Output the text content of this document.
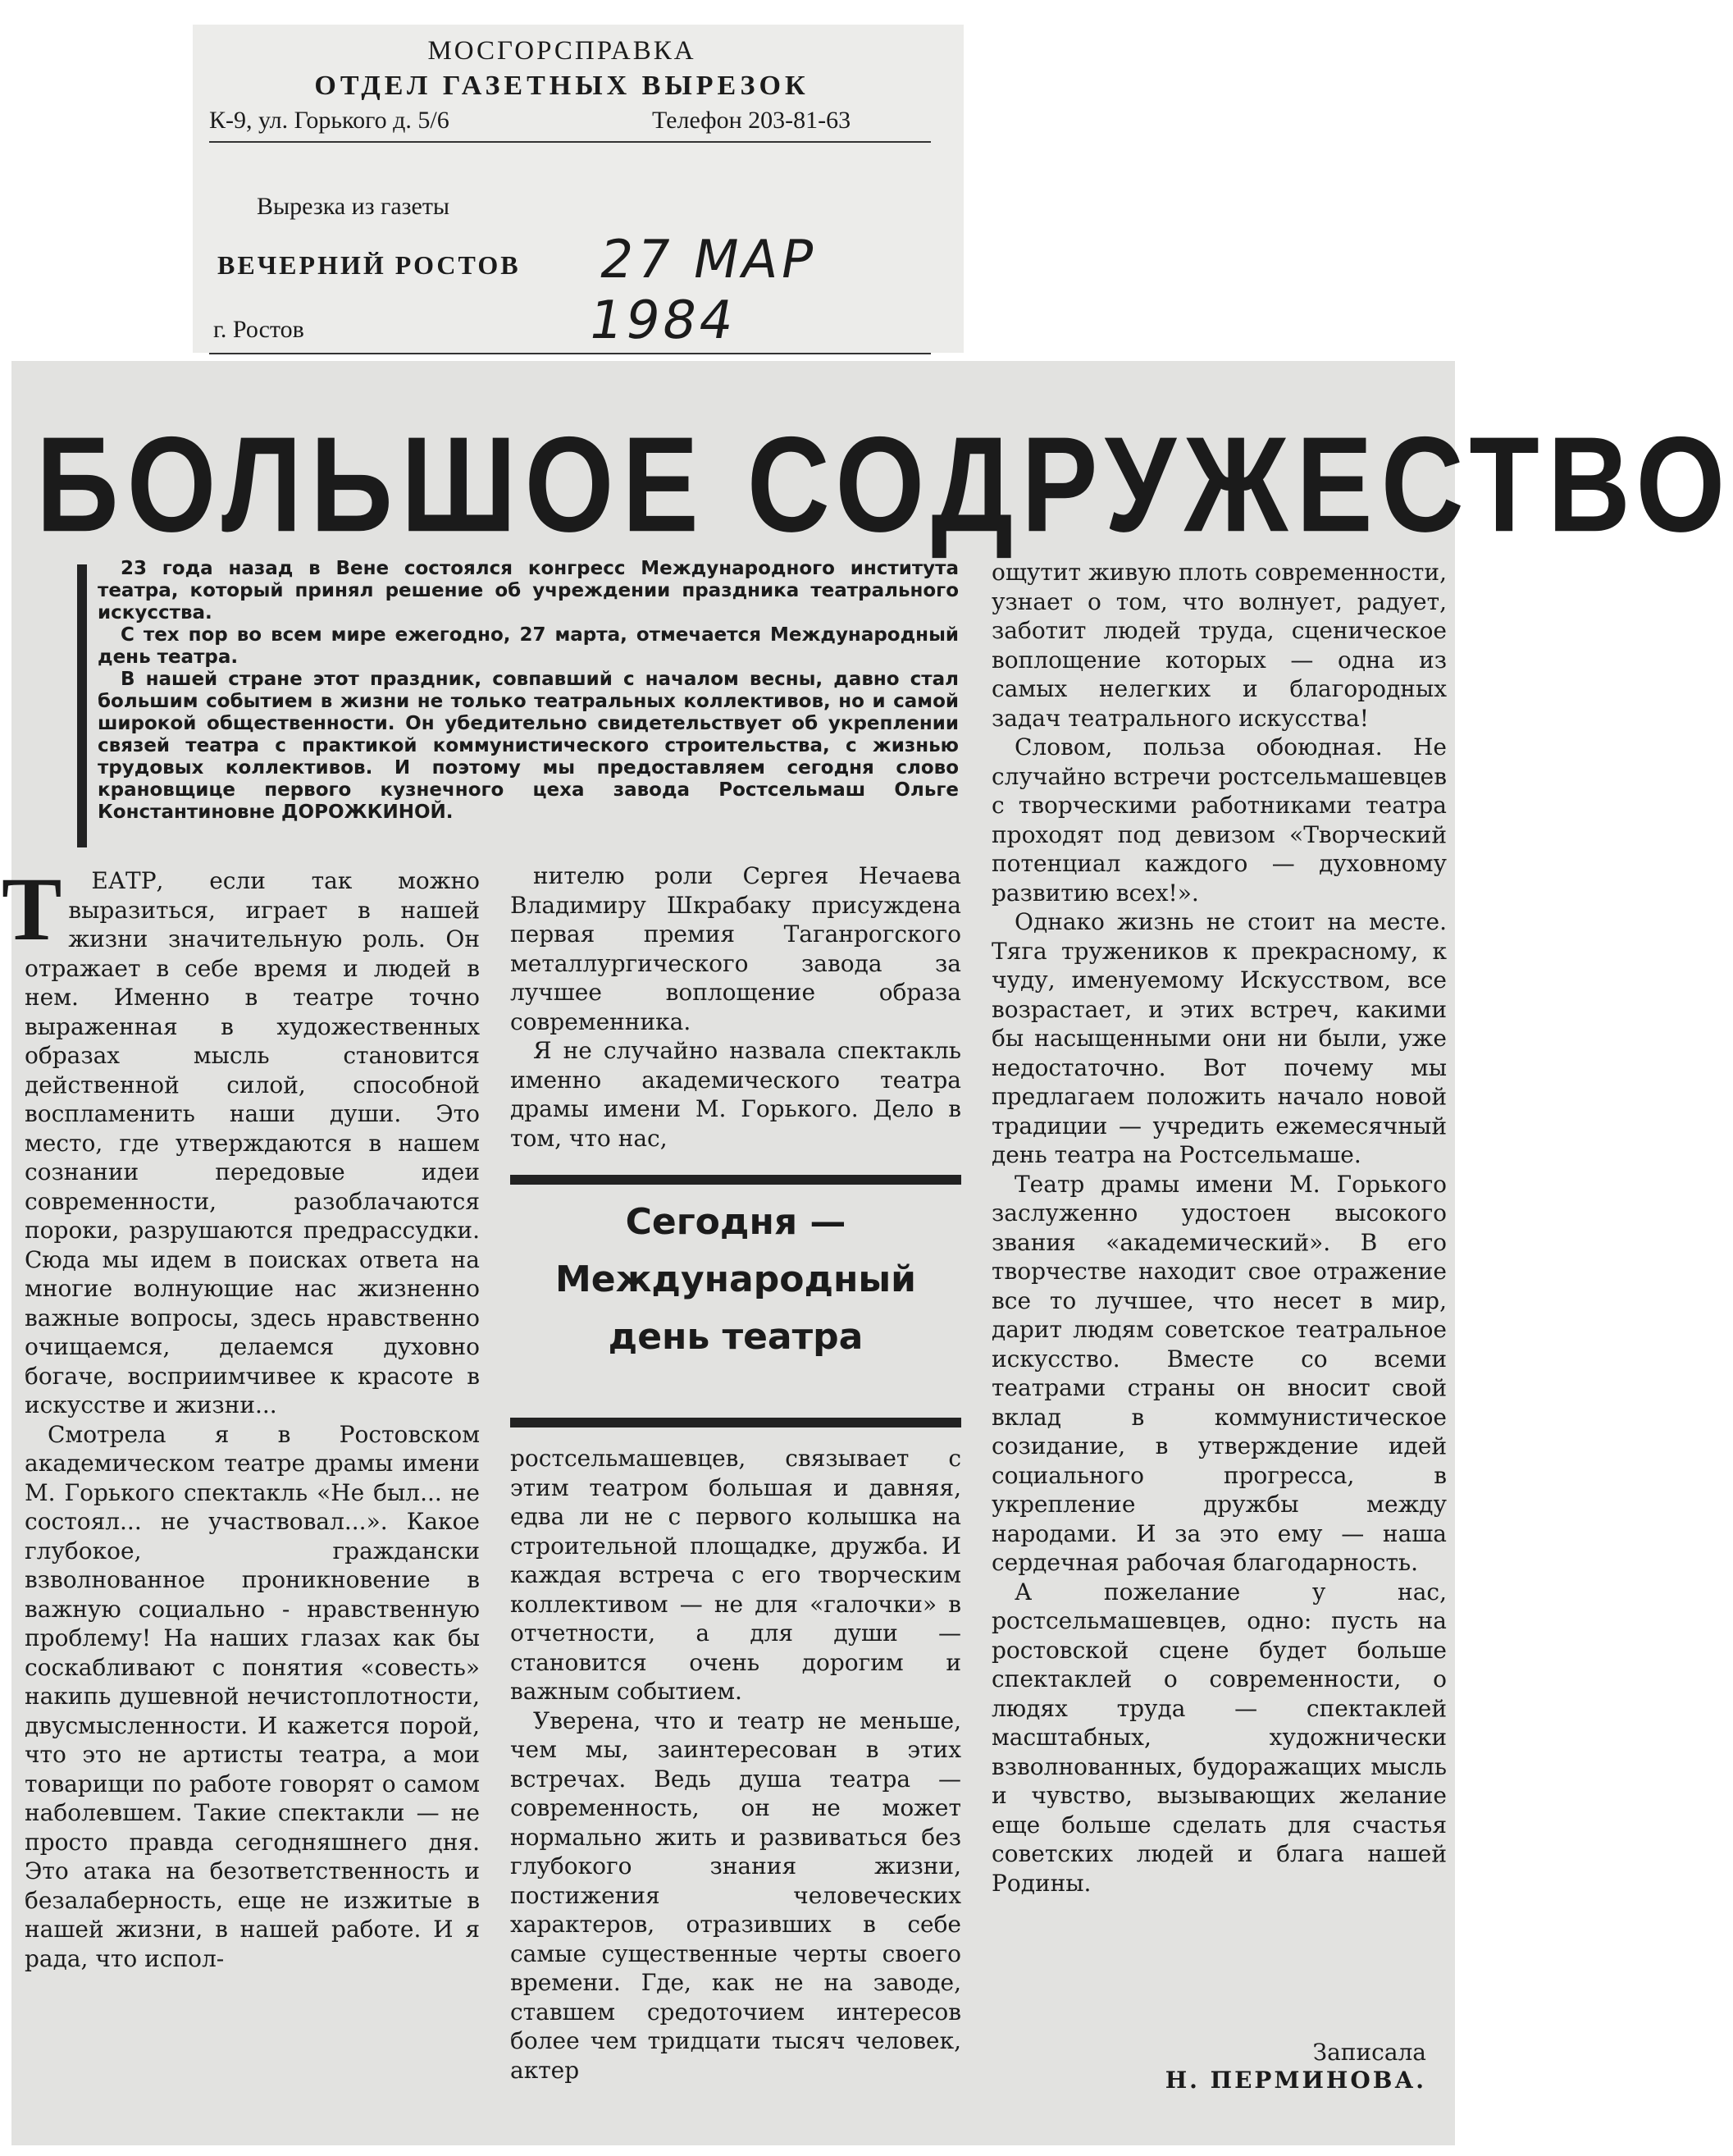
МОСГОРСПРАВКА
ОТДЕЛ ГАЗЕТНЫХ ВЫРЕЗОК
К-9, ул. Горького д. 5/6	Телефон 203-81-63
Вырезка из газеты
ВЕЧЕРНИЙ РОСТОВ 27 МАР 1984
г. Ростов
БОЛЬШОЕ СОДРУЖЕСТВО

23 года назад в Вене состоялся конгресс Международного института театра, который принял решение об учреждении праздника театрального искусства.

С тех пор во всем мире ежегодно, 27 марта, отмечается Международный день театра.

В нашей стране этот праздник, совпавший с началом весны, давно стал большим событием в жизни не только театральных коллективов, но и самой широкой общественности. Он убедительно свидетельствует об укреплении связей театра с практикой коммунистического строительства, с жизнью трудовых коллективов. И поэтому мы предоставляем сегодня слово крановщице первого кузнечного цеха завода Ростсельмаш Ольге Константиновне ДОРОЖКИНОЙ.

Т	ЕАТР, если так можно выразиться, играет в нашей жизни значительную роль. Он отражает в себе время и людей в нем. Именно в театре точно выраженная в художественных образах мысль становится действенной силой, способной воспламенить наши души. Это место, где утверждаются в нашем сознании передовые идеи современности, разоблачаются пороки, разрушаются предрассудки. Сюда мы идем в поисках ответа на многие волнующие нас жизненно важные вопросы, здесь нравственно очищаемся, делаемся духовно богаче, восприимчивее к красоте в искусстве и жизни...

Смотрела я в Ростовском академическом театре драмы имени М. Горького спектакль «Не был... не состоял... не участвовал...». Какое глубокое, граждански взволнованное проникновение в важную социально - нравственную проблему! На наших глазах как бы соскабливают с понятия «совесть» накипь душевной нечистоплотности, двусмысленности. И кажется порой, что это не артисты театра, а мои товарищи по работе говорят о самом наболевшем. Такие спектакли — не просто правда сегодняшнего дня. Это атака на безответственность и безалаберность, еще не изжитые в нашей жизни, в нашей работе. И я рада, что испол-

нителю роли Сергея Нечаева Владимиру Шкрабаку присуждена первая премия Таганрогского металлургического завода за лучшее воплощение образа современника.

Я не случайно назвала спектакль именно академического театра драмы имени М. Горького. Дело в том, что нас,

Сегодня —
Международный
день театра

ростсельмашевцев, связывает с этим театром большая и давняя, едва ли не с первого колышка на строительной площадке, дружба. И каждая встреча с его творческим коллективом — не для «галочки» в отчетности, а для души — становится очень дорогим и важным событием.

Уверена, что и театр не меньше, чем мы, заинтересован в этих встречах. Ведь душа театра — современность, он не может нормально жить и развиваться без глубокого знания жизни, постижения человеческих характеров, отразивших в себе самые существенные черты своего времени. Где, как не на заводе, ставшем средоточием интересов более чем тридцати тысяч человек, актер

ощутит живую плоть современности, узнает о том, что волнует, радует, заботит людей труда, сценическое воплощение которых — одна из самых нелегких и благородных задач театрального искусства!

Словом, польза обоюдная. Не случайно встречи ростсельмашевцев с творческими работниками театра проходят под девизом «Творческий потенциал каждого — духовному развитию всех!».

Однако жизнь не стоит на месте. Тяга тружеников к прекрасному, к чуду, именуемому Искусством, все возрастает, и этих встреч, какими бы насыщенными они ни были, уже недостаточно. Вот почему мы предлагаем положить начало новой традиции — учредить ежемесячный день театра на Ростсельмаше.

Театр драмы имени М. Горького заслуженно удостоен высокого звания «академический». В его творчестве находит свое отражение все то лучшее, что несет в мир, дарит людям советское театральное искусство. Вместе со всеми театрами страны он вносит свой вклад в коммунистическое созидание, в утверждение идей социального прогресса, в укрепление дружбы между народами. И за это ему — наша сердечная рабочая благодарность.

А пожелание у нас, ростсельмашевцев, одно: пусть на ростовской сцене будет больше спектаклей о современности, о людях труда — спектаклей масштабных, художнически взволнованных, будоражащих мысль и чувство, вызывающих желание еще больше сделать для счастья советских людей и блага нашей Родины.

Записала
Н. ПЕРМИНОВА.
